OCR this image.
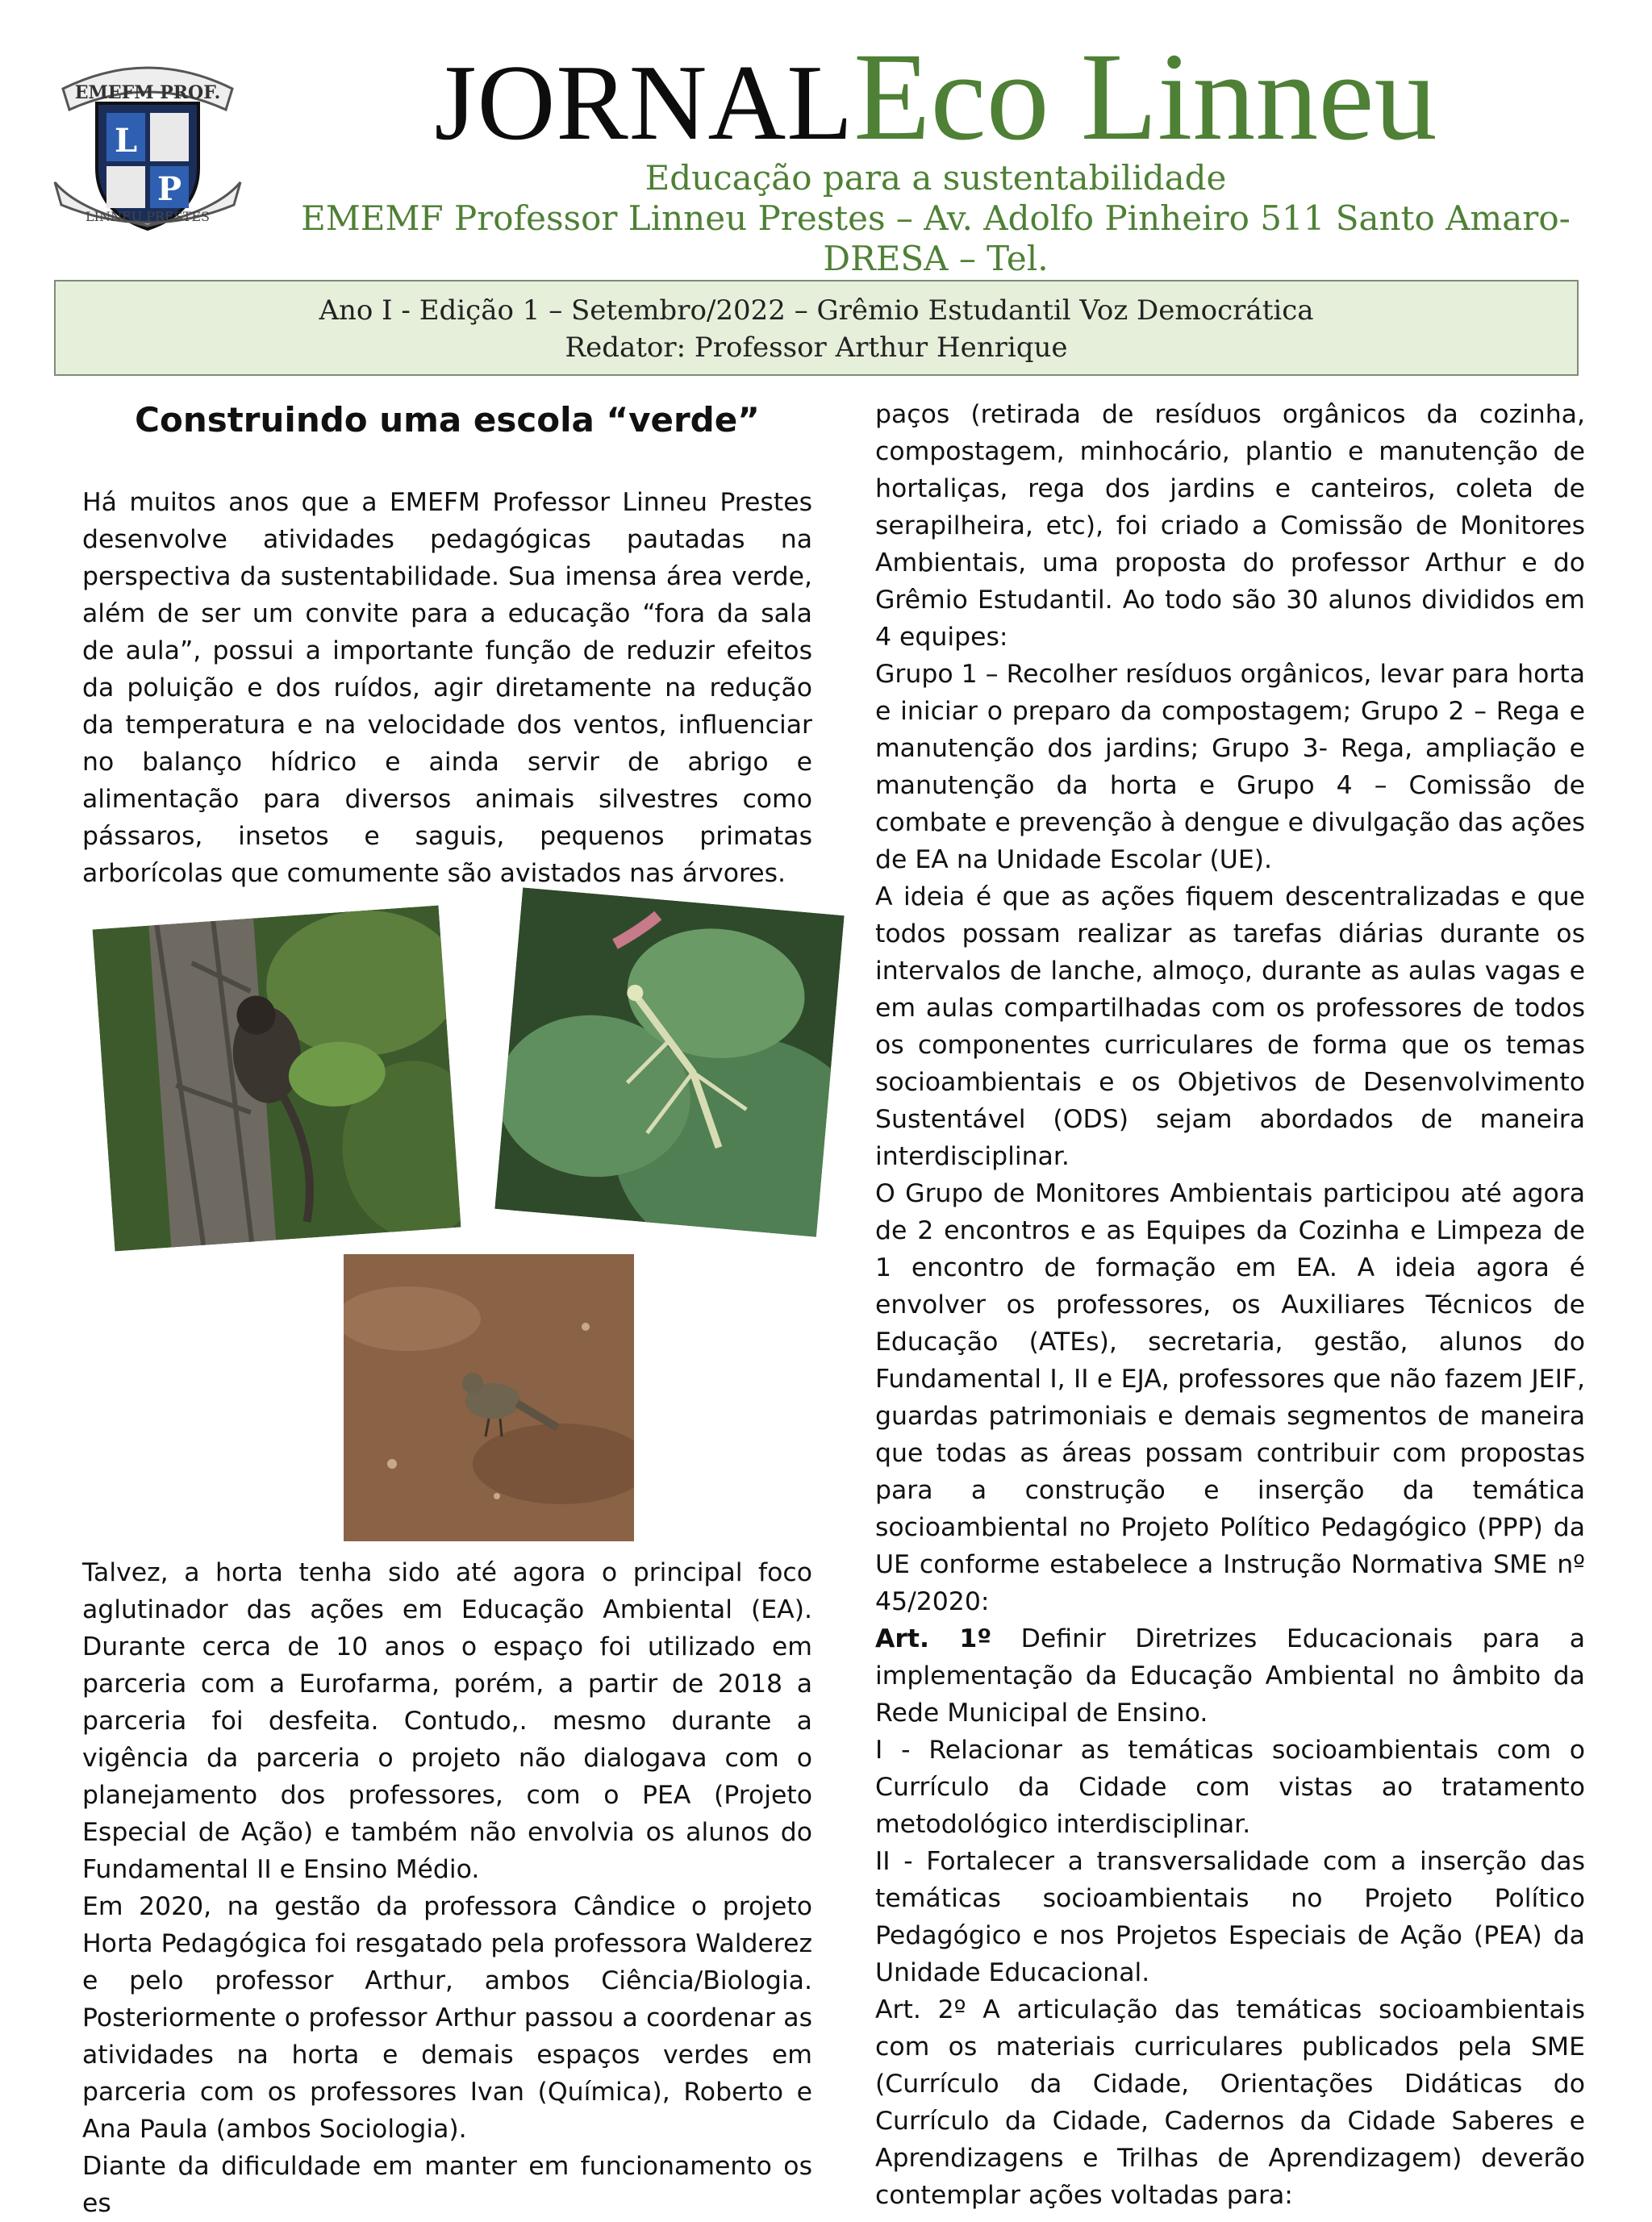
EMEFM PROF.
L
P
LINNEU PRESTES
JORNALEco Linneu
Educação para a sustentabilidade
EMEMF Professor Linneu Prestes – Av. Adolfo Pinheiro 511 Santo Amaro- DRESA – Tel.
Ano I - Edição 1 – Setembro/2022 – Grêmio Estudantil Voz Democrática
Redator: Professor Arthur Henrique
Construindo uma escola “verde”

Há muitos anos que a EMEFM Professor Linneu Prestes desenvolve atividades pedagógicas pautadas na perspectiva da sustentabilidade. Sua imensa área verde, além de ser um convite para a educação “fora da sala de aula”, possui a importante função de reduzir efeitos da poluição e dos ruídos, agir diretamente na redução da temperatura e na velocidade dos ventos, influenciar no balanço hídrico e ainda servir de abrigo e alimentação para diversos animais silvestres como pássaros, insetos e saguis, pequenos primatas arborícolas que comumente são avistados nas árvores.

Talvez, a horta tenha sido até agora o principal foco aglutinador das ações em Educação Ambiental (EA). Durante cerca de 10 anos o espaço foi utilizado em parceria com a Eurofarma, porém, a partir de 2018 a parceria foi desfeita. Contudo,. mesmo durante a vigência da parceria o projeto não dialogava com o planejamento dos professores, com o PEA (Projeto Especial de Ação) e também não envolvia os alunos do Fundamental II e Ensino Médio.

Em 2020, na gestão da professora Cândice o projeto Horta Pedagógica foi resgatado pela professora Walderez e pelo professor Arthur, ambos Ciência/Biologia. Posteriormente o professor Arthur passou a coordenar as atividades na horta e demais espaços verdes em parceria com os professores Ivan (Química), Roberto e Ana Paula (ambos Sociologia).

Diante da dificuldade em manter em funcionamento os es

paços (retirada de resíduos orgânicos da cozinha, compostagem, minhocário, plantio e manutenção de hortaliças, rega dos jardins e canteiros, coleta de serapilheira, etc), foi criado a Comissão de Monitores Ambientais, uma proposta do professor Arthur e do Grêmio Estudantil. Ao todo são 30 alunos divididos em 4 equipes:

Grupo 1 – Recolher resíduos orgânicos, levar para horta e iniciar o preparo da compostagem; Grupo 2 – Rega e manutenção dos jardins; Grupo 3- Rega, ampliação e manutenção da horta e Grupo 4 – Comissão de combate e prevenção à dengue e divulgação das ações de EA na Unidade Escolar (UE).

A ideia é que as ações fiquem descentralizadas e que todos possam realizar as tarefas diárias durante os intervalos de lanche, almoço, durante as aulas vagas e em aulas compartilhadas com os professores de todos os componentes curriculares de forma que os temas socioambientais e os Objetivos de Desenvolvimento Sustentável (ODS) sejam abordados de maneira interdisciplinar.

O Grupo de Monitores Ambientais participou até agora de 2 encontros e as Equipes da Cozinha e Limpeza de 1 encontro de formação em EA. A ideia agora é envolver os professores, os Auxiliares Técnicos de Educação (ATEs), secretaria, gestão, alunos do Fundamental I, II e EJA, professores que não fazem JEIF, guardas patrimoniais e demais segmentos de maneira que todas as áreas possam contribuir com propostas para a construção e inserção da temática socioambiental no Projeto Político Pedagógico (PPP) da UE conforme estabelece a Instrução Normativa SME nº 45/2020:

Art. 1º Definir Diretrizes Educacionais para a implementação da Educação Ambiental no âmbito da Rede Municipal de Ensino.

I - Relacionar as temáticas socioambientais com o Currículo da Cidade com vistas ao tratamento metodológico interdisciplinar.

II - Fortalecer a transversalidade com a inserção das temáticas socioambientais no Projeto Político Pedagógico e nos Projetos Especiais de Ação (PEA) da Unidade Educacional.

Art. 2º A articulação das temáticas socioambientais com os materiais curriculares publicados pela SME (Currículo da Cidade, Orientações Didáticas do Currículo da Cidade, Cadernos da Cidade Saberes e Aprendizagens e Trilhas de Aprendizagem) deverão contemplar ações voltadas para:
